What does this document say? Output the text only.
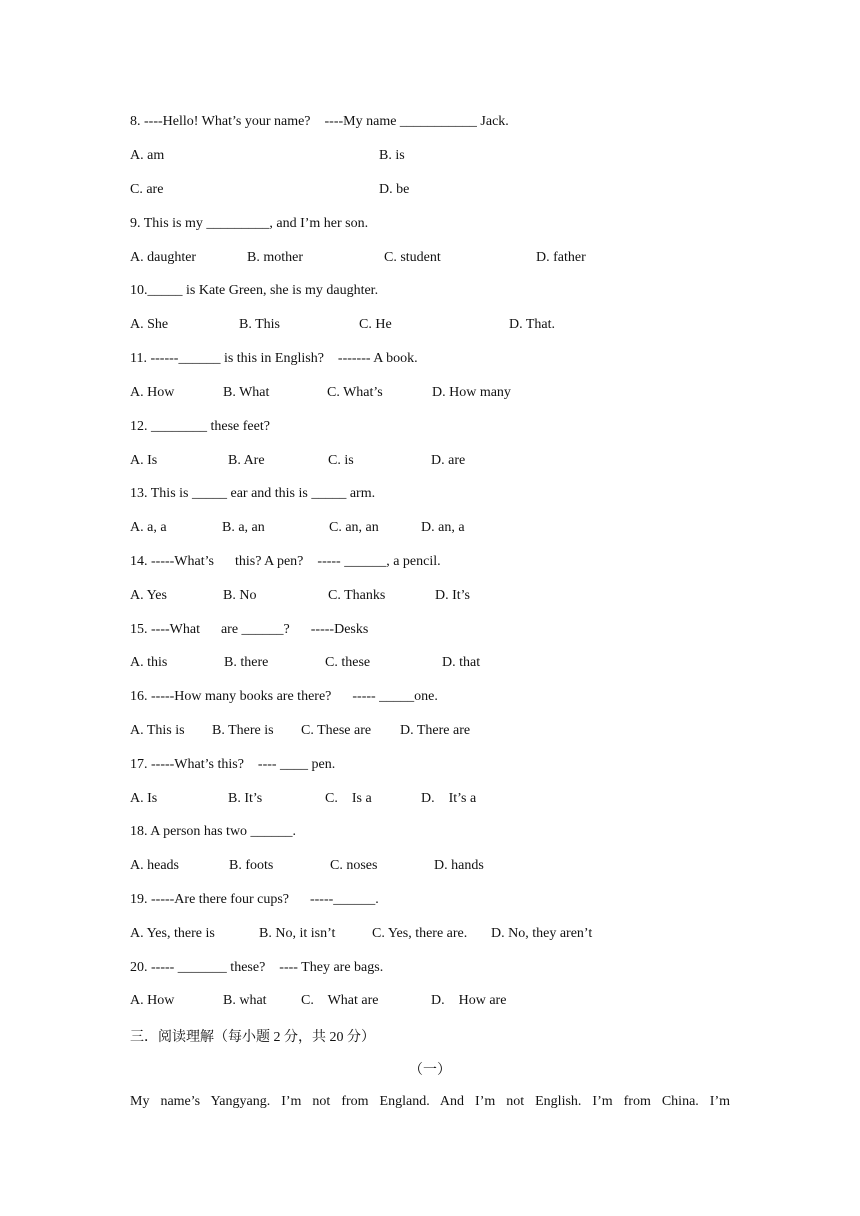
8. ----Hello! What’s your name?    ----My name ___________ Jack.
A. am	B. is
C. are	D. be
9. This is my _________, and I’m her son.
A. daughter	B. mother	C. student	D. father
10._____ is Kate Green, she is my daughter.
A. She	B. This	C. He	D. That.
11. ------______ is this in English?    ------- A book.
A. How	B. What	C. What’s	D. How many
12. ________ these feet?
A. Is	B. Are	C. is	D. are
13. This is _____ ear and this is _____ arm.
A. a, a	B. a, an	C. an, an	D. an, a
14. -----What’s      this? A pen?    ----- ______, a pencil.
A. Yes	B. No	C. Thanks	D. It’s
15. ----What      are ______?      -----Desks
A. this	B. there	C. these	D. that
16. -----How many books are there?      ----- _____one.
A. This is B. There is C. These are D. There are
17. -----What’s this?    ---- ____ pen.
A. Is	B. It’s	C.    Is a	D.    It’s a
18. A person has two ______.
A. heads	B. foots	C. noses	D. hands
19. -----Are there four cups?      -----______.
A. Yes, there is	B. No, it isn’t	C. Yes, there are. D. No, they aren’t
20. ----- _______ these?    ---- They are bags.
A. How	B. what C.    What are	D.    How are
三．阅读理解（每小题 2 分，共 20 分）
（一）
My name’s Yangyang. I’m not from England. And I’m not English. I’m from China. I’m
